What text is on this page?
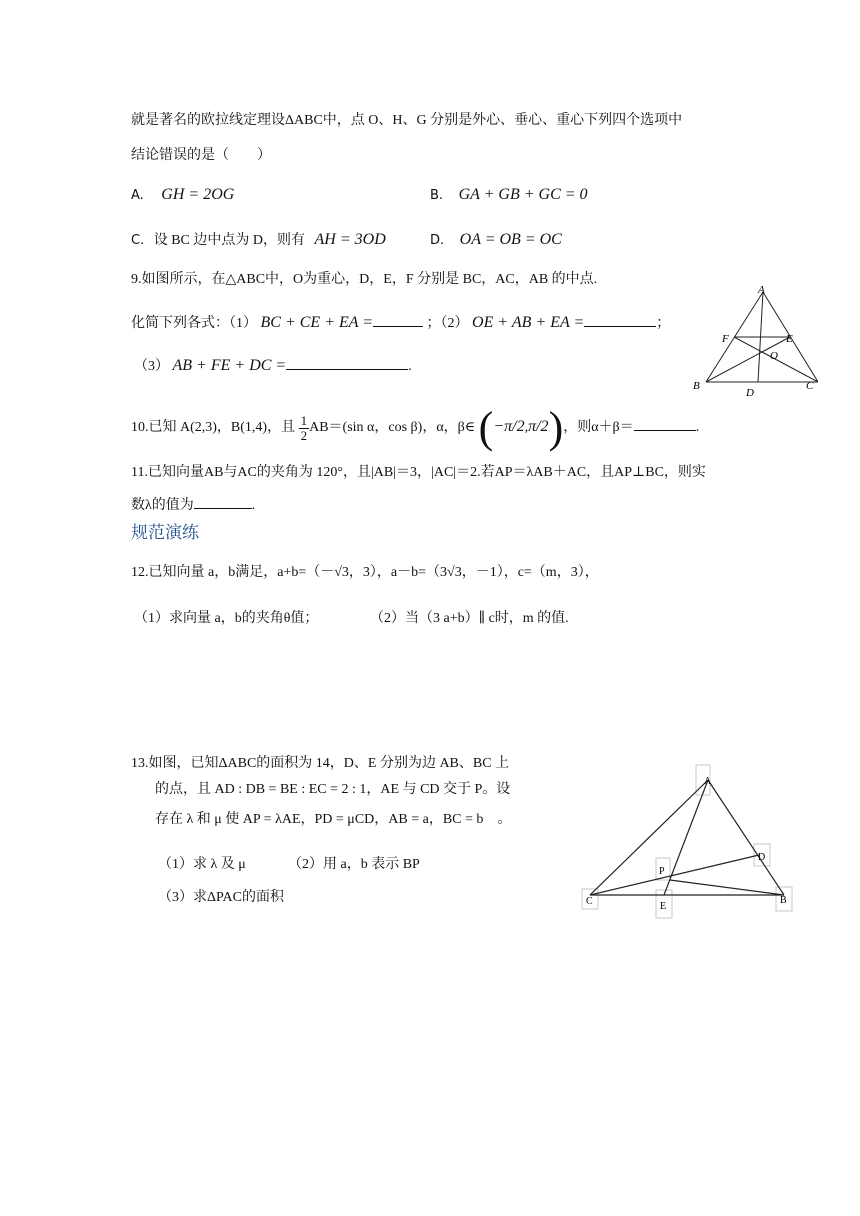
就是著名的欧拉线定理设ΔABC中，点 O、H、G 分别是外心、垂心、重心下列四个选项中
结论错误的是（　　）
A. GH = 2OG	B. GA + GB + GC = 0
C. 设 BC 边中点为 D，则有 AH = 3OD	D. OA = OB = OC
9.如图所示，在△ABC中，O为重心，D，E，F 分别是 BC，AC，AB 的中点.
化简下列各式：（1） BC + CE + EA =	；（2） OE + AB + EA =	；
（3） AB + FE + DC =	.
A
F	E
O
B
D
C
10.已知 A(2,3)，B(1,4)，且 $\frac{1}{2} AB=(\sin$ α，cos β)，α，β∈ (−π/2,π/2)，则α＋β＝	.
11.已知向量AB与AC的夹角为 120°，且|AB|＝3，|AC|＝2.若AP＝λAB＋AC，且AP⊥BC，则实
数λ的值为	.
规范演练
12.已知向量 a，b满足，a+b=（－√3，3），a－b=（3√3，－1），c=（m，3），
（1）求向量 a，b的夹角θ值；	（2）当（3 a+b）∥ c时，m 的值.
13.如图，已知ΔABC的面积为 14，D、E 分别为边 AB、BC 上
的点，且 AD : DB = BE : EC = 2 : 1，AE 与 CD 交于 P。设
存在 λ 和 μ 使 AP = λAE，PD = μCD，AB = a，BC = b　。
（1）求 λ 及 μ	（2）用 a，b 表示 BP
（3）求ΔPAC的面积
A
D
P
C	E
B
